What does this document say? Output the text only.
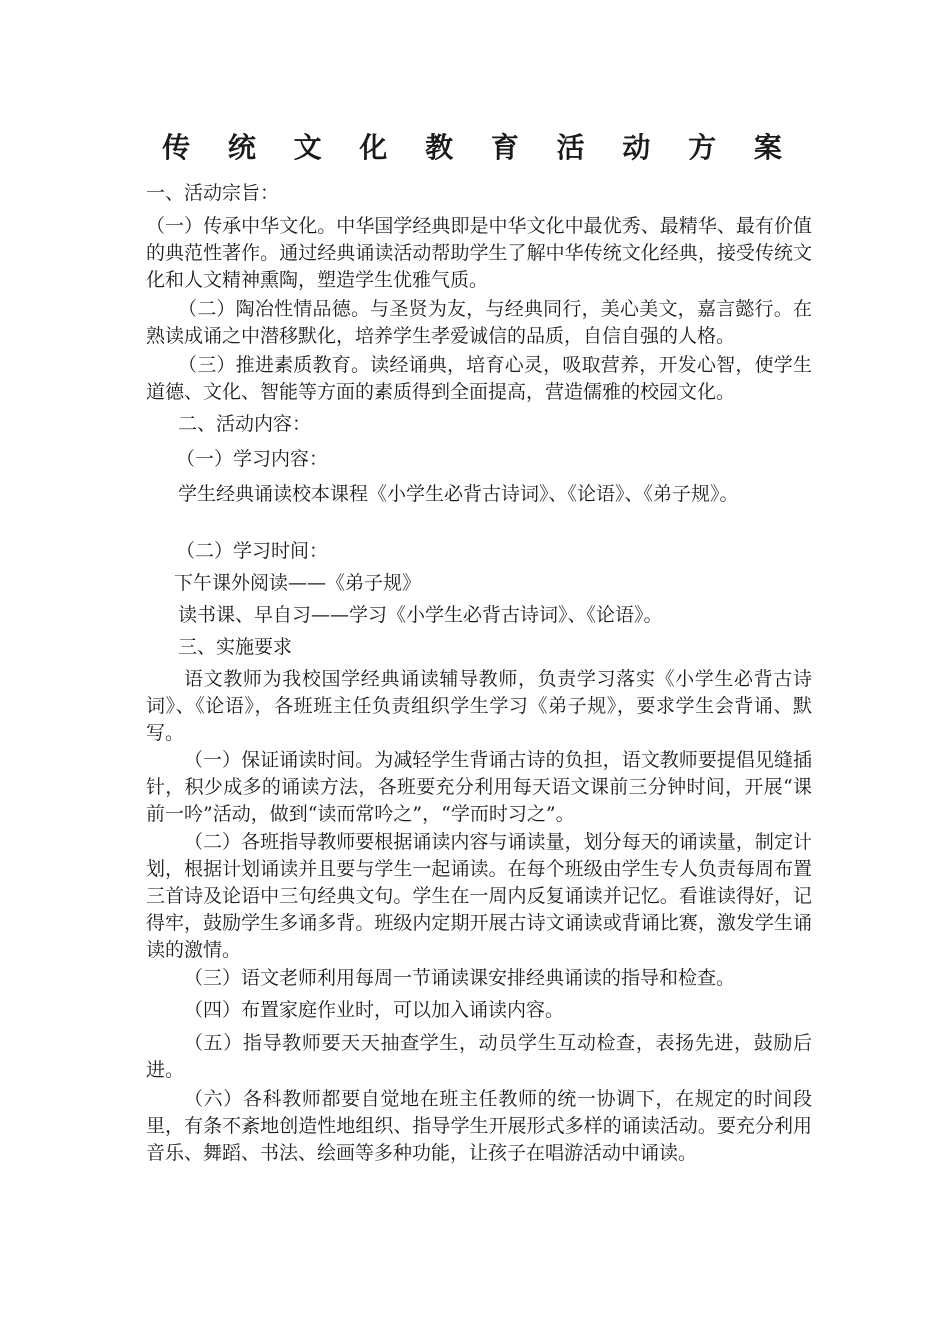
传 统 文 化 教 育 活 动 方 案

一、活动宗旨：

（一）传承中华文化。中华国学经典即是中华文化中最优秀、最精华、最有价值的典范性著作。通过经典诵读活动帮助学生了解中华传统文化经典，接受传统文化和人文精神熏陶，塑造学生优雅气质。

（二）陶冶性情品德。与圣贤为友，与经典同行，美心美文，嘉言懿行。在熟读成诵之中潜移默化，培养学生孝爱诚信的品质，自信自强的人格。

（三）推进素质教育。读经诵典，培育心灵，吸取营养，开发心智，使学生道德、文化、智能等方面的素质得到全面提高，营造儒雅的校园文化。

二、活动内容：

（一）学习内容：

学生经典诵读校本课程《小学生必背古诗词》、《论语》、《弟子规》。

（二）学习时间：

下午课外阅读——《弟子规》

读书课、早自习——学习《小学生必背古诗词》、《论语》。

三、实施要求

语文教师为我校国学经典诵读辅导教师，负责学习落实《小学生必背古诗词》、《论语》，各班班主任负责组织学生学习《弟子规》，要求学生会背诵、默写。

（一）保证诵读时间。为减轻学生背诵古诗的负担，语文教师要提倡见缝插针，积少成多的诵读方法，各班要充分利用每天语文课前三分钟时间，开展“课前一吟”活动，做到“读而常吟之”，“学而时习之”。

（二）各班指导教师要根据诵读内容与诵读量，划分每天的诵读量，制定计划，根据计划诵读并且要与学生一起诵读。在每个班级由学生专人负责每周布置三首诗及论语中三句经典文句。学生在一周内反复诵读并记忆。看谁读得好，记得牢，鼓励学生多诵多背。班级内定期开展古诗文诵读或背诵比赛，激发学生诵读的激情。

（三）语文老师利用每周一节诵读课安排经典诵读的指导和检查。

（四）布置家庭作业时，可以加入诵读内容。

（五）指导教师要天天抽查学生，动员学生互动检查，表扬先进，鼓励后进。

（六）各科教师都要自觉地在班主任教师的统一协调下，在规定的时间段里，有条不紊地创造性地组织、指导学生开展形式多样的诵读活动。要充分利用音乐、舞蹈、书法、绘画等多种功能，让孩子在唱游活动中诵读。
